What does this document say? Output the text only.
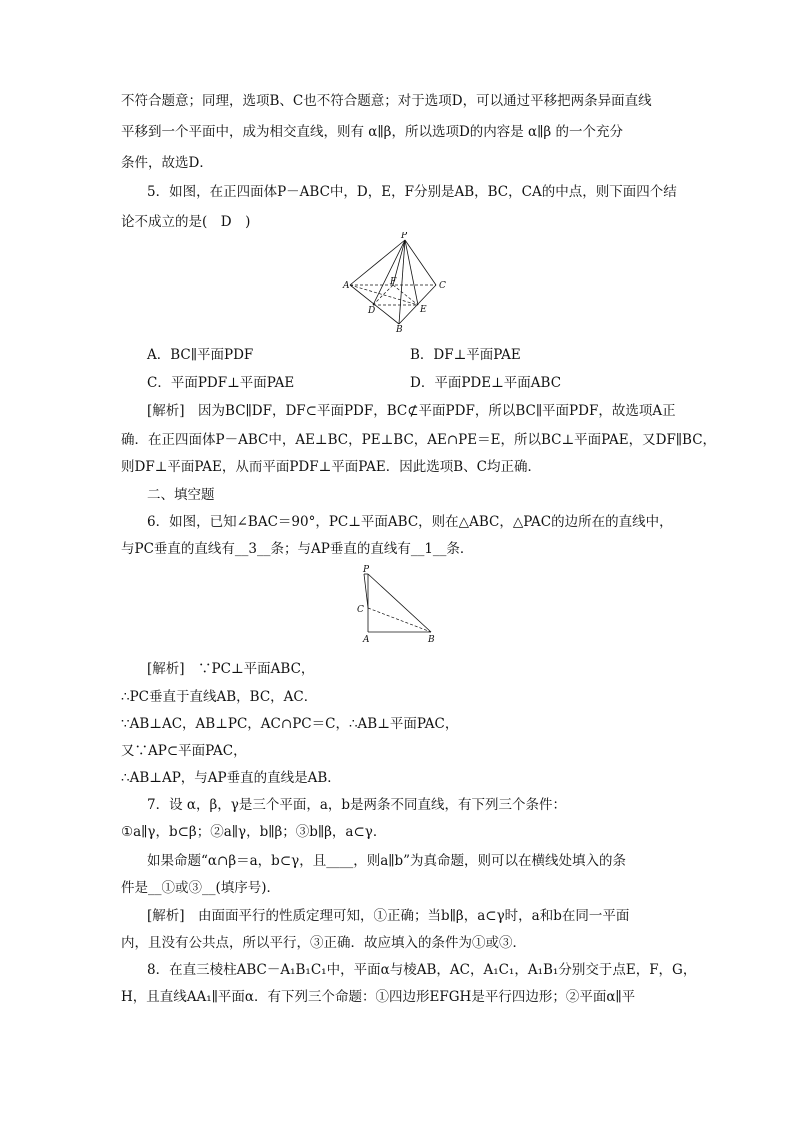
不符合题意；同理，选项B、C也不符合题意；对于选项D，可以通过平移把两条异面直线
平移到一个平面中，成为相交直线，则有 α∥β，所以选项D的内容是 α∥β 的一个充分
条件，故选D．
5．如图，在正四面体P－ABC中，D，E，F分别是AB，BC，CA的中点，则下面四个结
论不成立的是(　D　)
P
A	C
B
D	E
F
A．BC∥平面PDF	B．DF⊥平面PAE
C．平面PDF⊥平面PAE	D．平面PDE⊥平面ABC
[解析]　因为BC∥DF，DF⊂平面PDF，BC⊄平面PDF，所以BC∥平面PDF，故选项A正
确．在正四面体P－ABC中，AE⊥BC，PE⊥BC，AE∩PE＝E，所以BC⊥平面PAE，又DF∥BC，
则DF⊥平面PAE，从而平面PDF⊥平面PAE．因此选项B、C均正确．
二、填空题
6．如图，已知∠BAC＝90°，PC⊥平面ABC，则在△ABC，△PAC的边所在的直线中，
与PC垂直的直线有__3__条；与AP垂直的直线有__1__条．
P
C
A	B
[解析]　∵PC⊥平面ABC，
∴PC垂直于直线AB，BC，AC．
∵AB⊥AC，AB⊥PC，AC∩PC＝C，∴AB⊥平面PAC，
又∵AP⊂平面PAC，
∴AB⊥AP，与AP垂直的直线是AB．
7．设 α，β，γ是三个平面，a，b是两条不同直线，有下列三个条件：
①a∥γ，b⊂β；②a∥γ，b∥β；③b∥β，a⊂γ．
如果命题“α∩β＝a，b⊂γ，且____，则a∥b”为真命题，则可以在横线处填入的条
件是__①或③__(填序号)．
[解析]　由面面平行的性质定理可知，①正确；当b∥β，a⊂γ时，a和b在同一平面
内，且没有公共点，所以平行，③正确．故应填入的条件为①或③．
8．在直三棱柱ABC－A₁B₁C₁中，平面α与棱AB，AC，A₁C₁，A₁B₁分别交于点E，F，G，
H，且直线AA₁∥平面α．有下列三个命题：①四边形EFGH是平行四边形；②平面α∥平
